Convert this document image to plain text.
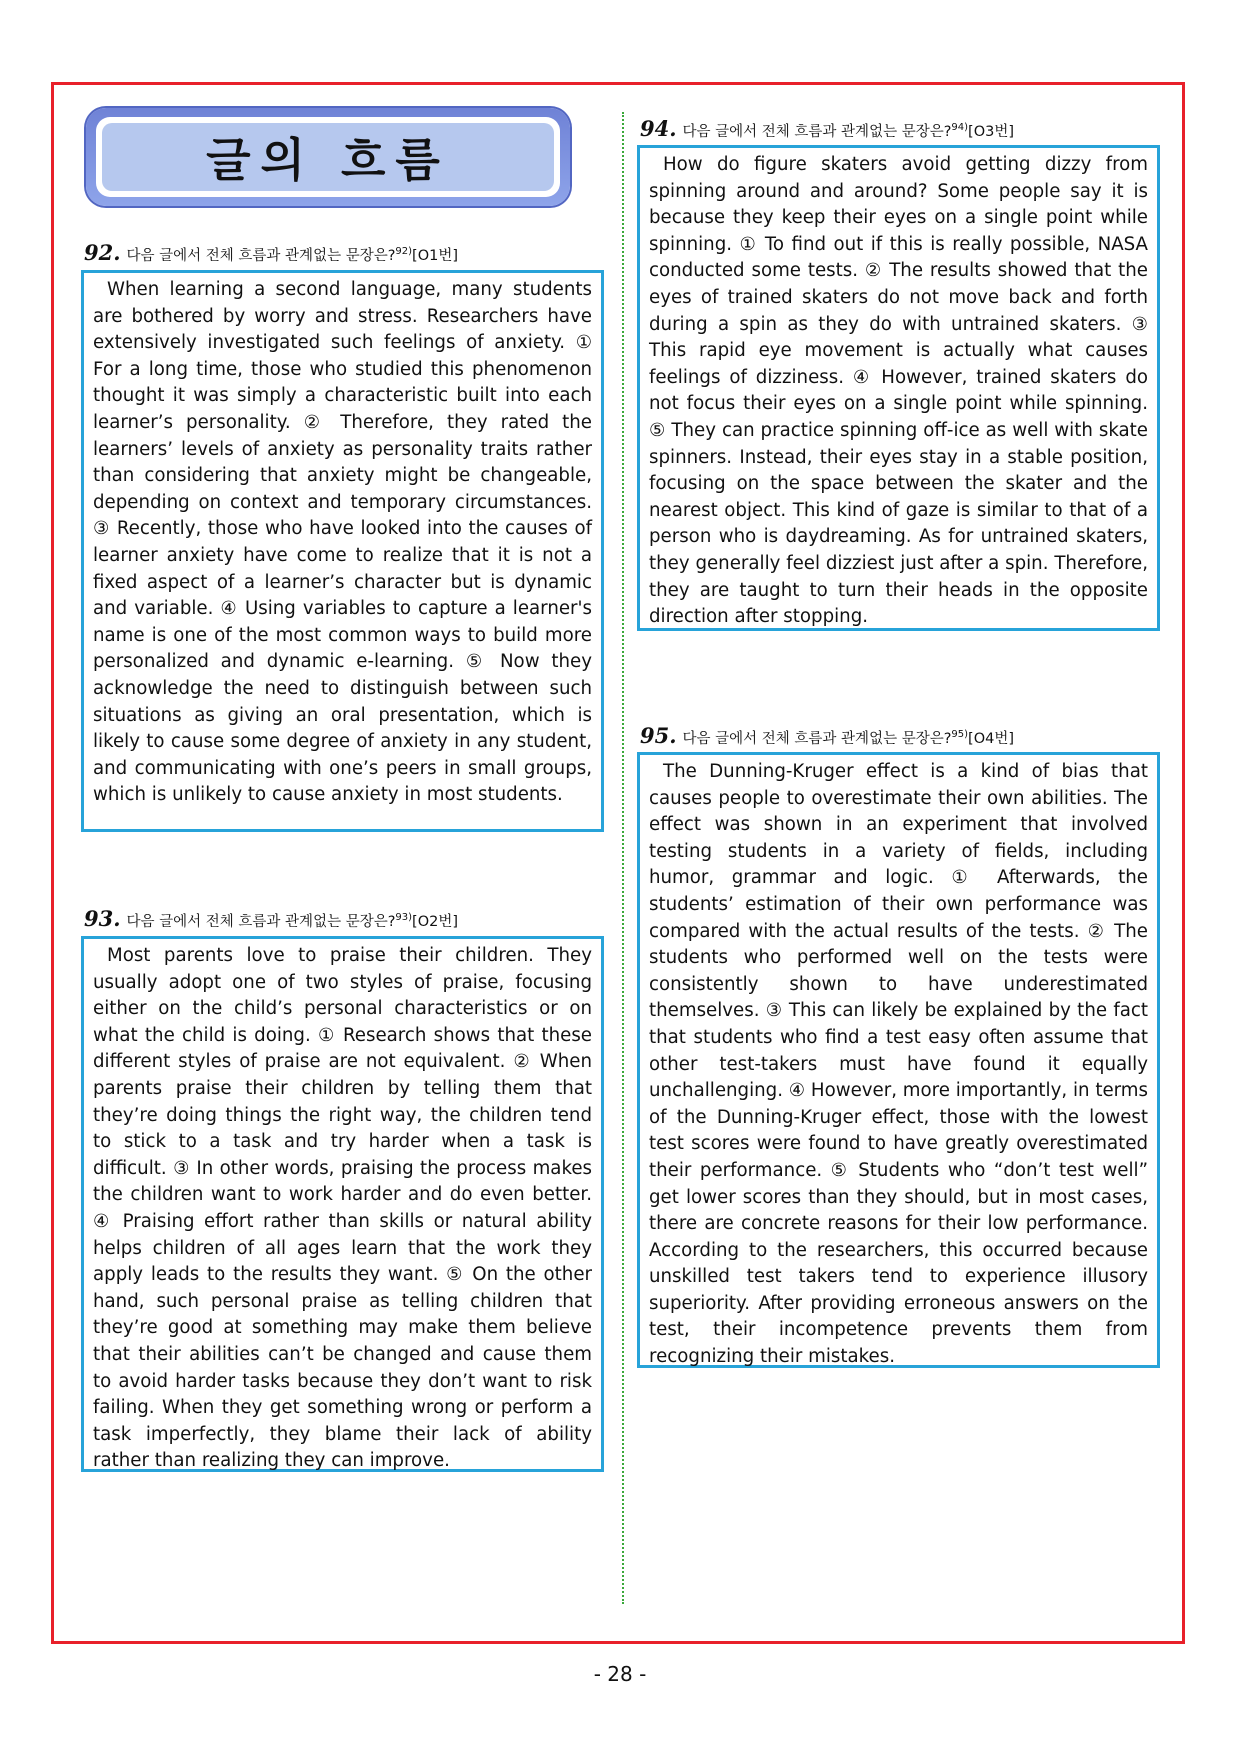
글의 흐름
92. 다음 글에서 전체 흐름과 관계없는 문장은?$^{92)}$[O1번]

When learning a second language, many students are bothered by worry and stress. Researchers have extensively investigated such feelings of anxiety. ① For a long time, those who studied this phenomenon thought it was simply a characteristic built into each learner’s personality. ② Therefore, they rated the learners’ levels of anxiety as personality traits rather than considering that anxiety might be changeable, depending on context and temporary circumstances. ③ Recently, those who have looked into the causes of learner anxiety have come to realize that it is not a fixed aspect of a learner’s character but is dynamic and variable. ④ Using variables to capture a learner's name is one of the most common ways to build more personalized and dynamic e-learning. ⑤ Now they acknowledge the need to distinguish between such situations as giving an oral presentation, which is likely to cause some degree of anxiety in any student, and communicating with one’s peers in small groups, which is unlikely to cause anxiety in most students.

93. 다음 글에서 전체 흐름과 관계없는 문장은?$^{93)}$[O2번]

Most parents love to praise their children. They usually adopt one of two styles of praise, focusing either on the child’s personal characteristics or on what the child is doing. ① Research shows that these different styles of praise are not equivalent. ② When parents praise their children by telling them that they’re doing things the right way, the children tend to stick to a task and try harder when a task is difficult. ③ In other words, praising the process makes the children want to work harder and do even better. ④ Praising effort rather than skills or natural ability helps children of all ages learn that the work they apply leads to the results they want. ⑤ On the other hand, such personal praise as telling children that they’re good at something may make them believe that their abilities can’t be changed and cause them to avoid harder tasks because they don’t want to risk failing. When they get something wrong or perform a task imperfectly, they blame their lack of ability rather than realizing they can improve.

94. 다음 글에서 전체 흐름과 관계없는 문장은?$^{94)}$[O3번]

How do figure skaters avoid getting dizzy from spinning around and around? Some people say it is because they keep their eyes on a single point while spinning. ① To find out if this is really possible, NASA conducted some tests. ② The results showed that the eyes of trained skaters do not move back and forth during a spin as they do with untrained skaters. ③ This rapid eye movement is actually what causes feelings of dizziness. ④ However, trained skaters do not focus their eyes on a single point while spinning. ⑤ They can practice spinning off-ice as well with skate spinners. Instead, their eyes stay in a stable position, focusing on the space between the skater and the nearest object. This kind of gaze is similar to that of a person who is daydreaming. As for untrained skaters, they generally feel dizziest just after a spin. Therefore, they are taught to turn their heads in the opposite direction after stopping.

95. 다음 글에서 전체 흐름과 관계없는 문장은?$^{95)}$[O4번]

The Dunning-Kruger effect is a kind of bias that causes people to overestimate their own abilities. The effect was shown in an experiment that involved testing students in a variety of fields, including humor, grammar and logic. ① Afterwards, the students’ estimation of their own performance was compared with the actual results of the tests. ② The students who performed well on the tests were consistently shown to have underestimated themselves. ③ This can likely be explained by the fact that students who find a test easy often assume that other test-takers must have found it equally unchallenging. ④ However, more importantly, in terms of the Dunning-Kruger effect, those with the lowest test scores were found to have greatly overestimated their performance. ⑤ Students who “don’t test well” get lower scores than they should, but in most cases, there are concrete reasons for their low performance. According to the researchers, this occurred because unskilled test takers tend to experience illusory superiority. After providing erroneous answers on the test, their incompetence prevents them from recognizing their mistakes.

- 28 -
